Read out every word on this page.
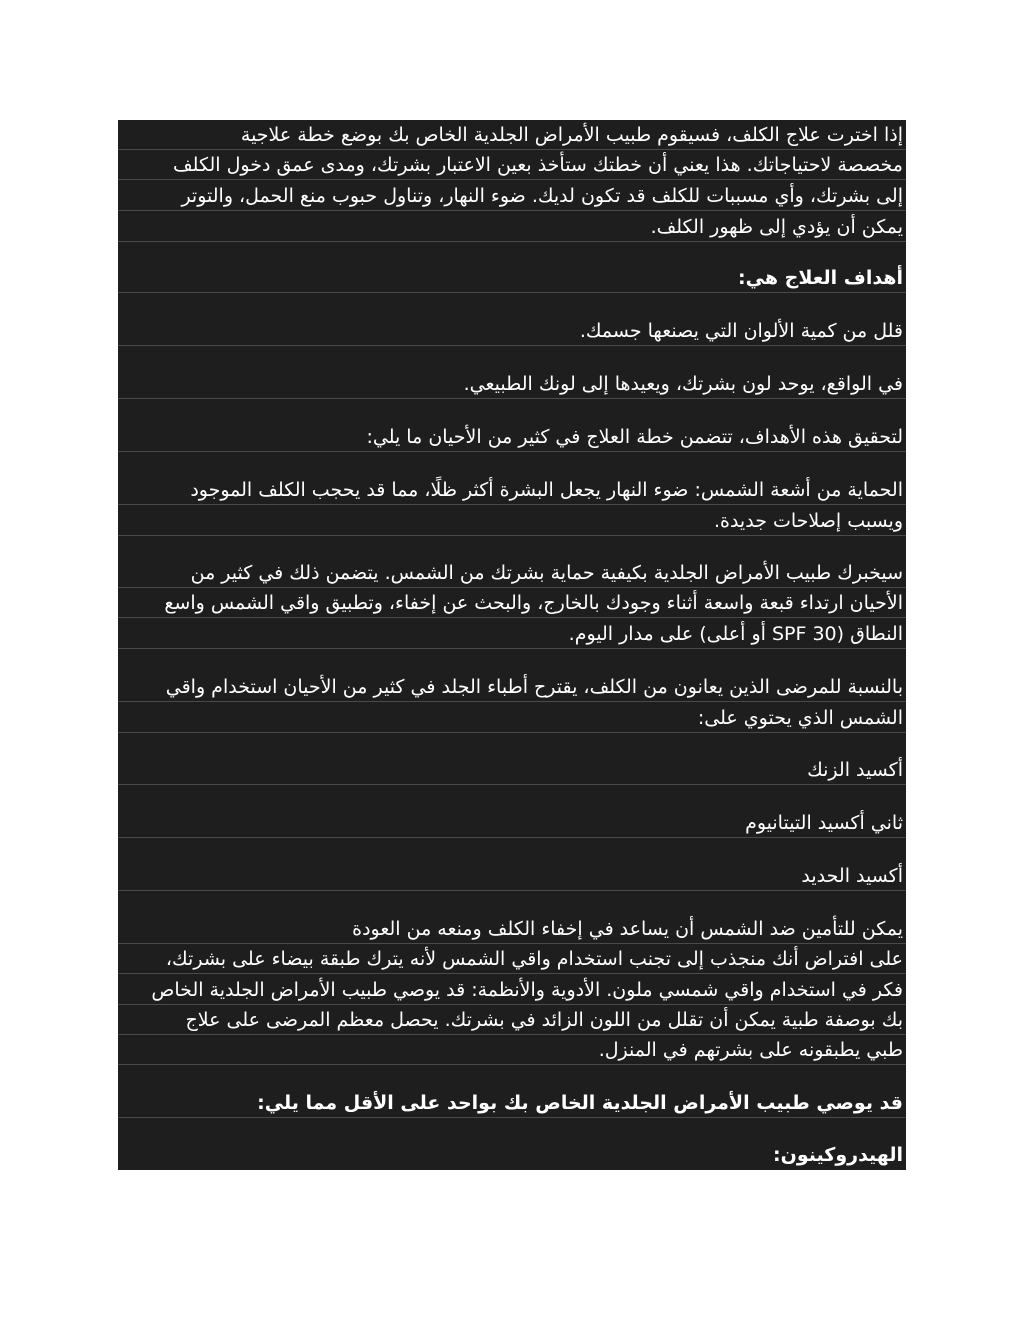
إذا اخترت علاج الكلف، فسيقوم طبيب الأمراض الجلدية الخاص بك بوضع خطة علاجية
مخصصة لاحتياجاتك. هذا يعني أن خطتك ستأخذ بعين الاعتبار بشرتك، ومدى عمق دخول الكلف
إلى بشرتك، وأي مسببات للكلف قد تكون لديك. ضوء النهار، وتناول حبوب منع الحمل، والتوتر
يمكن أن يؤدي إلى ظهور الكلف.
أهداف العلاج هي:
قلل من كمية الألوان التي يصنعها جسمك.
في الواقع، يوحد لون بشرتك، ويعيدها إلى لونك الطبيعي.
لتحقيق هذه الأهداف، تتضمن خطة العلاج في كثير من الأحيان ما يلي:
الحماية من أشعة الشمس: ضوء النهار يجعل البشرة أكثر ظلًا، مما قد يحجب الكلف الموجود
ويسبب إصلاحات جديدة.
سيخبرك طبيب الأمراض الجلدية بكيفية حماية بشرتك من الشمس. يتضمن ذلك في كثير من
الأحيان ارتداء قبعة واسعة أثناء وجودك بالخارج، والبحث عن إخفاء، وتطبيق واقي الشمس واسع
النطاق (SPF 30 أو أعلى) على مدار اليوم.
بالنسبة للمرضى الذين يعانون من الكلف، يقترح أطباء الجلد في كثير من الأحيان استخدام واقي
الشمس الذي يحتوي على:
أكسيد الزنك
ثاني أكسيد التيتانيوم
أكسيد الحديد
يمكن للتأمين ضد الشمس أن يساعد في إخفاء الكلف ومنعه من العودة
على افتراض أنك منجذب إلى تجنب استخدام واقي الشمس لأنه يترك طبقة بيضاء على بشرتك،
فكر في استخدام واقي شمسي ملون. الأدوية والأنظمة: قد يوصي طبيب الأمراض الجلدية الخاص
بك بوصفة طبية يمكن أن تقلل من اللون الزائد في بشرتك. يحصل معظم المرضى على علاج
طبي يطبقونه على بشرتهم في المنزل.
قد يوصي طبيب الأمراض الجلدية الخاص بك بواحد على الأقل مما يلي:
الهيدروكينون:
